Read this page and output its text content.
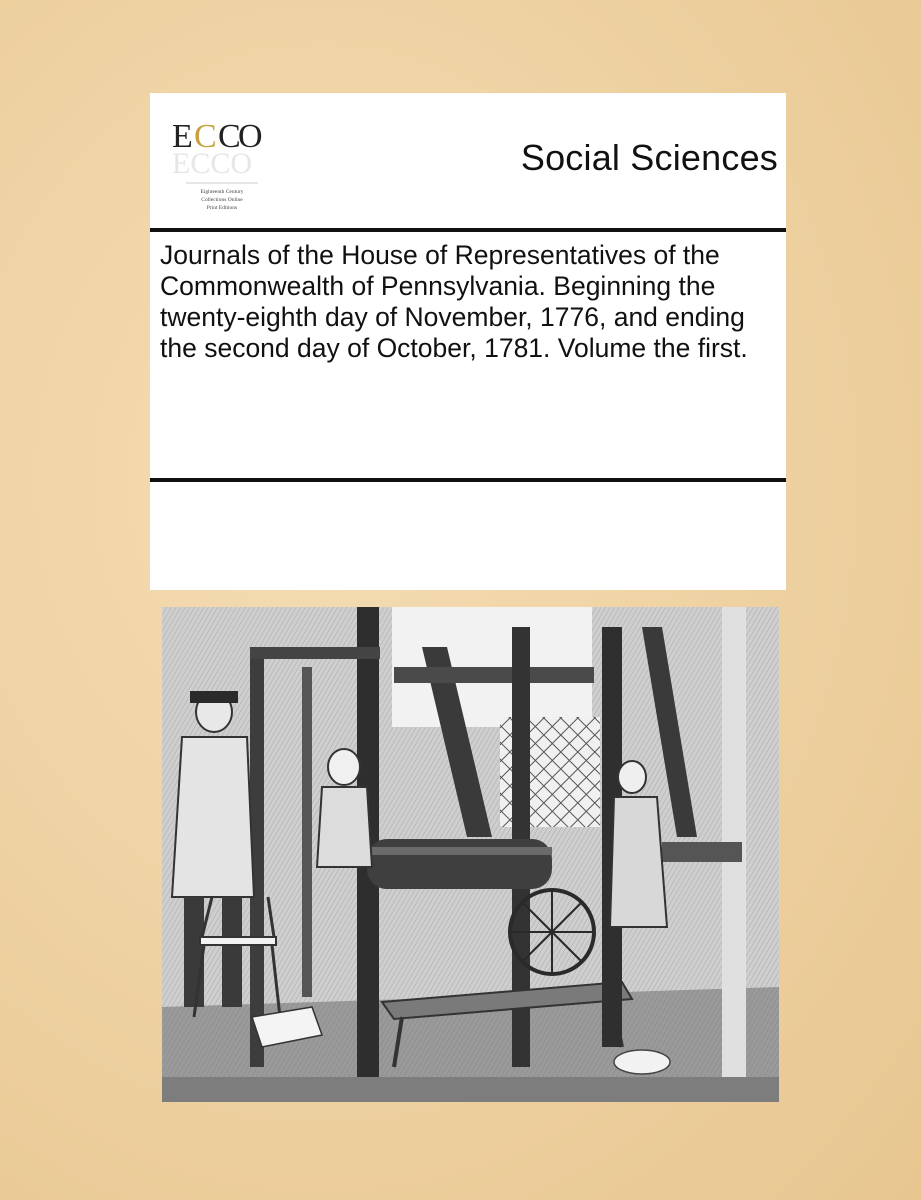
E C C
O
ECCO
Eighteenth Century
Collections Online
Print Editions
Social Sciences
Journals of the House of Representatives of the Commonwealth of Pennsylvania. Beginning the twenty-eighth day of November, 1776, and ending the second day of October, 1781. Volume the first.
